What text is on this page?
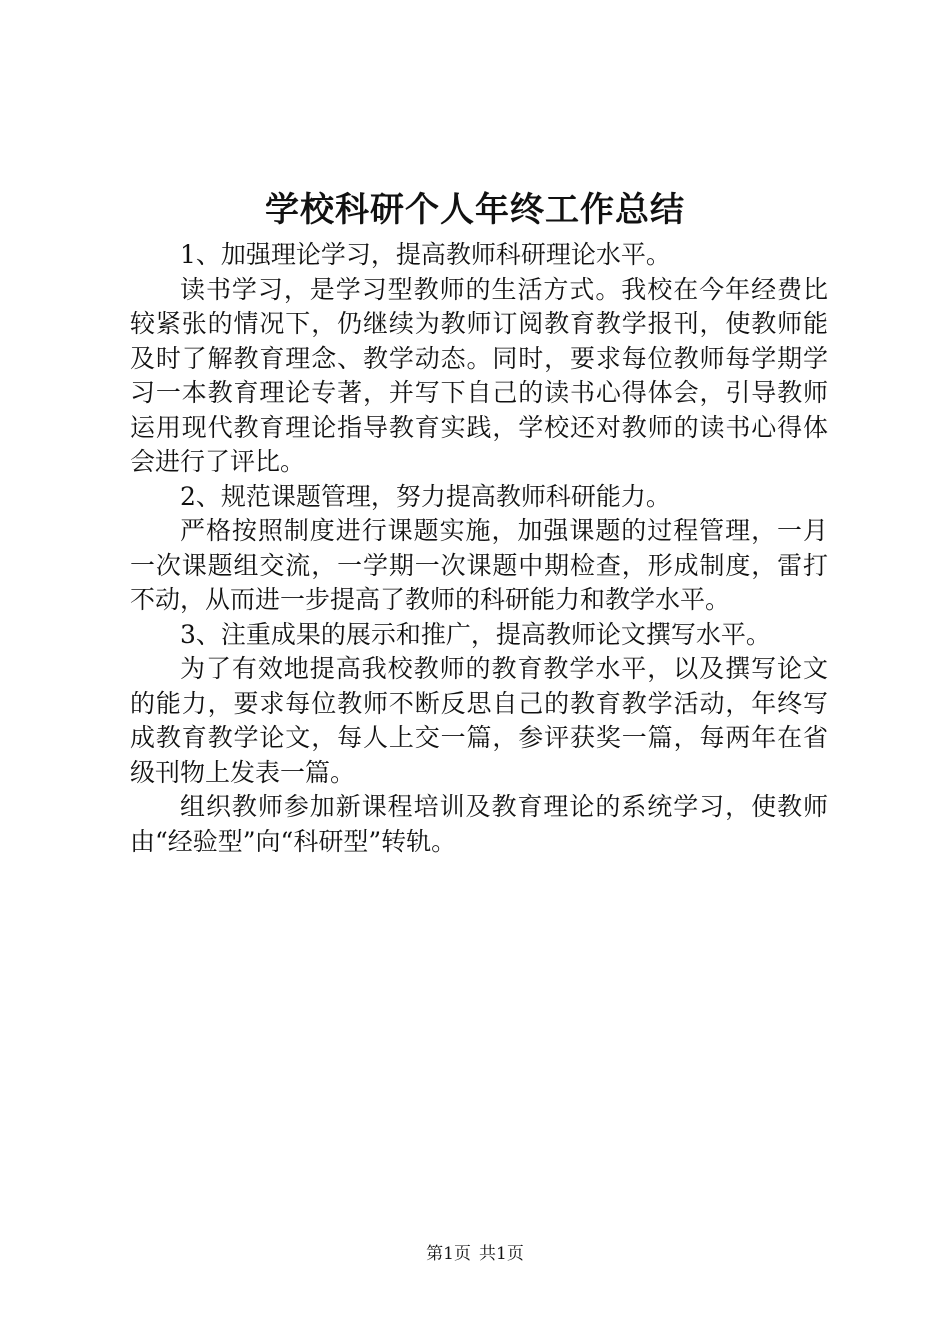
学校科研个人年终工作总结

1、加强理论学习，提高教师科研理论水平。

读书学习，是学习型教师的生活方式。我校在今年经费比较紧张的情况下，仍继续为教师订阅教育教学报刊，使教师能及时了解教育理念、教学动态。同时，要求每位教师每学期学习一本教育理论专著，并写下自己的读书心得体会，引导教师运用现代教育理论指导教育实践，学校还对教师的读书心得体会进行了评比。

2、规范课题管理，努力提高教师科研能力。

严格按照制度进行课题实施，加强课题的过程管理，一月一次课题组交流，一学期一次课题中期检查，形成制度，雷打不动，从而进一步提高了教师的科研能力和教学水平。

3、注重成果的展示和推广，提高教师论文撰写水平。

为了有效地提高我校教师的教育教学水平，以及撰写论文的能力，要求每位教师不断反思自己的教育教学活动，年终写成教育教学论文，每人上交一篇，参评获奖一篇，每两年在省级刊物上发表一篇。

组织教师参加新课程培训及教育理论的系统学习，使教师由“经验型”向“科研型”转轨。

第1页 共1页
